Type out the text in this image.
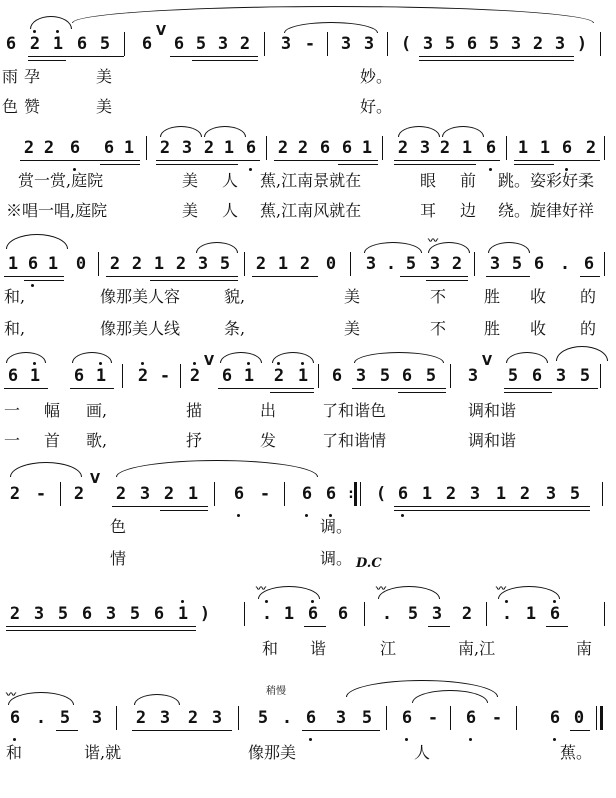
6 2 1 6 5 6 6 5 3 2 3 - 3 3 ( 3 5 6 5 3 2 3 )
V
雨 孕	美	妙。
色 赞	美	好。
2 2 6 6 1 2 3 2 1 6 2 2 6 6 1 2 3 2 1 6 1 1 6 2
赏一赏,庭院	美 人 蕉,江南景就在	眼 前 跳。姿彩好柔
※唱一唱,庭院	美 人 蕉,江南风就在	耳 边 绕。旋律好祥
1 6 1 0 2 2 1 2 3 5 2 1 2 0 3 . 5 3 2 3 5 6 . 6
〰
和,	像那美人容	貌,	美	不 胜 收 的
和,	像那美人线	条,	美	不 胜 收 的
6 1 6 1 2 - 2 6 1 2 1 6 3 5 6 5 3 5 6 3 5
V	V
一 幅 画,	描	出	了和谐色	调和谐
一 首 歌,	抒	发	了和谐情	调和谐
2 - 2 2 3 2 1 6 - 6 6 : ( 6 1 2 3 1 2 3 5
V
色	调。
情	调。 D.C
2 3 5 6 3 5 6 1 )	. 1 6 6 . 5 3 2 . 1 6
〰	〰	〰
和 谐	江	南,江	南
稍慢
6 . 5 3 2 3 2 3 5 . 6 3 5 6 - 6 -	6 0
〰
和	谐,就	像那美	人	蕉。
